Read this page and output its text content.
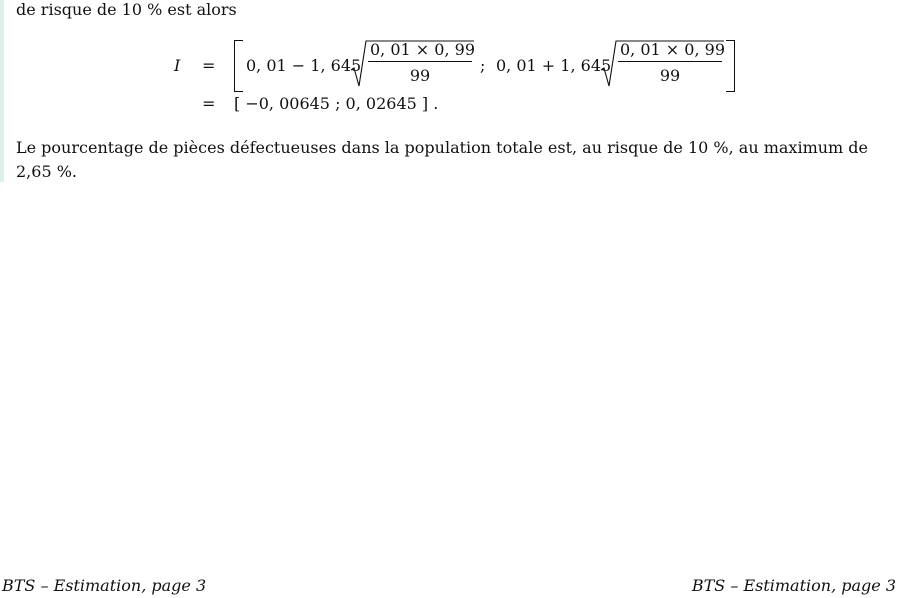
de risque de 10 % est alors
I = 0, 01 − 1, $645 \frac{0, 01 \times 0, 99}{99}$ ; 0, 01 + 1, $645 \frac{0, 01 \times 0, 99}{99}$
= [ −0, 00645 ; 0, 02645 ] .
Le pourcentage de pièces défectueuses dans la population totale est, au risque de 10 %, au maximum de
2,65 %.
BTS – Estimation, page 3	BTS – Estimation, page 3
